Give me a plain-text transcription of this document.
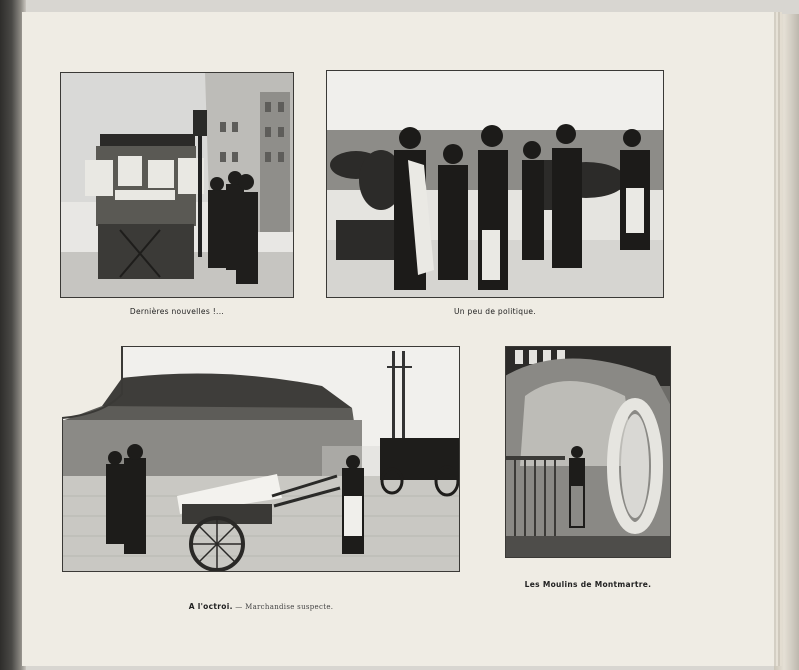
Dernières nouvelles !...	Un peu de politique.
A l'octroi. — Marchandise suspecte.
Les Moulins de Montmartre.
